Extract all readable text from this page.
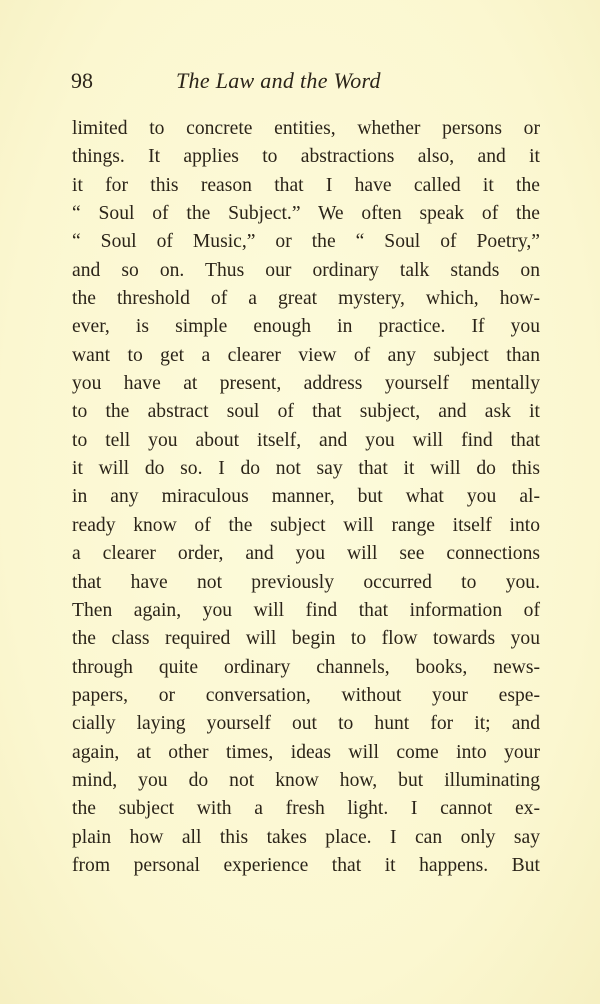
98	The Law and the Word
limited to concrete entities, whether persons or
things. It applies to abstractions also, and it
it for this reason that I have called it the
“ Soul of the Subject.” We often speak of the
“ Soul of Music,” or the “ Soul of Poetry,”
and so on. Thus our ordinary talk stands on
the threshold of a great mystery, which, how-
ever, is simple enough in practice. If you
want to get a clearer view of any subject than
you have at present, address yourself mentally
to the abstract soul of that subject, and ask it
to tell you about itself, and you will find that
it will do so. I do not say that it will do this
in any miraculous manner, but what you al-
ready know of the subject will range itself into
a clearer order, and you will see connections
that have not previously occurred to you.
Then again, you will find that information of
the class required will begin to flow towards you
through quite ordinary channels, books, news-
papers, or conversation, without your espe-
cially laying yourself out to hunt for it; and
again, at other times, ideas will come into your
mind, you do not know how, but illuminating
the subject with a fresh light. I cannot ex-
plain how all this takes place. I can only say
from personal experience that it happens. But
